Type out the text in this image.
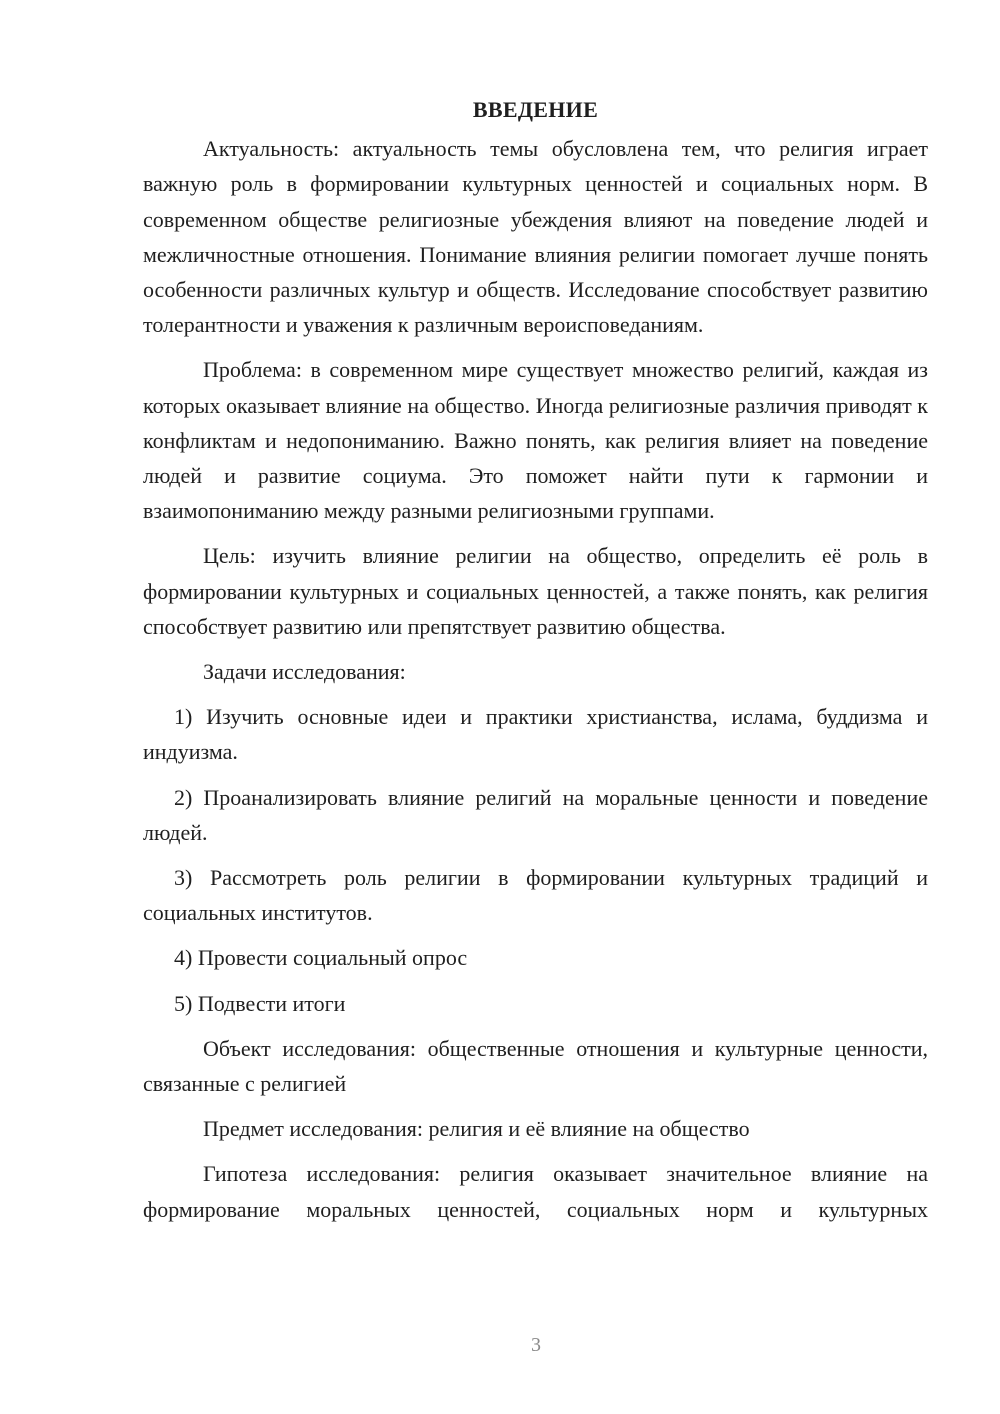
ВВЕДЕНИЕ

Актуальность: актуальность темы обусловлена тем, что религия играет важную роль в формировании культурных ценностей и социальных норм. В современном обществе религиозные убеждения влияют на поведение людей и межличностные отношения. Понимание влияния религии помогает лучше понять особенности различных культур и обществ. Исследование способствует развитию толерантности и уважения к различным вероисповеданиям.

Проблема: в современном мире существует множество религий, каждая из которых оказывает влияние на общество. Иногда религиозные различия приводят к конфликтам и недопониманию. Важно понять, как религия влияет на поведение людей и развитие социума. Это поможет найти пути к гармонии и взаимопониманию между разными религиозными группами.

Цель: изучить влияние религии на общество, определить её роль в формировании культурных и социальных ценностей, а также понять, как религия способствует развитию или препятствует развитию общества.

Задачи исследования:

1) Изучить основные идеи и практики христианства, ислама, буддизма и индуизма.

2) Проанализировать влияние религий на моральные ценности и поведение людей.

3) Рассмотреть роль религии в формировании культурных традиций и социальных институтов.

4) Провести социальный опрос

5) Подвести итоги

Объект исследования: общественные отношения и культурные ценности, связанные с религией

Предмет исследования: религия и её влияние на общество

Гипотеза исследования: религия оказывает значительное влияние на формирование моральных ценностей, социальных норм и культурных

3
